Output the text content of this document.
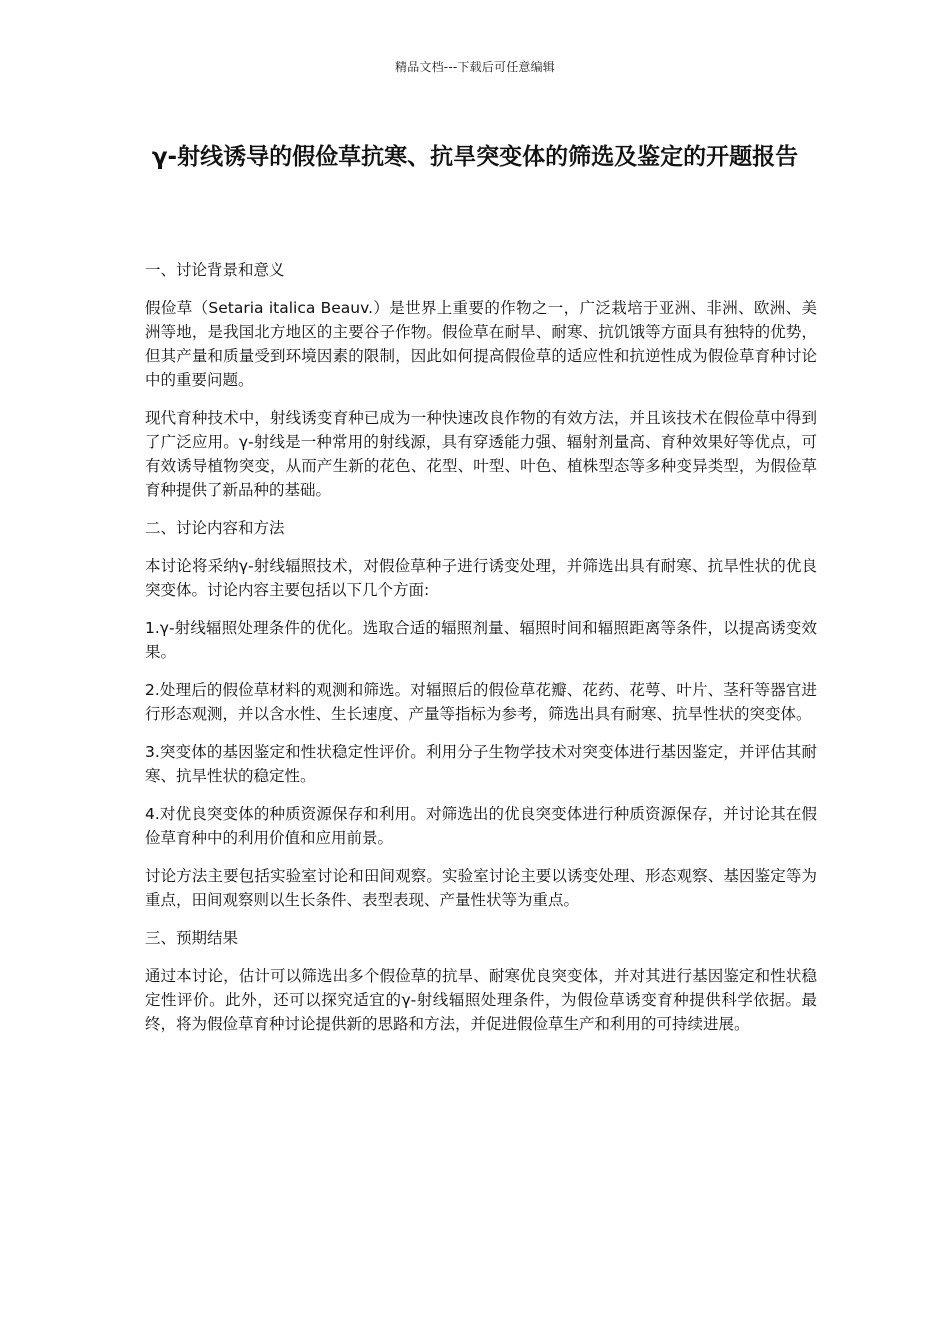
精品文档---下载后可任意编辑
γ-射线诱导的假俭草抗寒、抗旱突变体的筛选及鉴定的开题报告

一、讨论背景和意义

假俭草（Setaria italica Beauv.）是世界上重要的作物之一，广泛栽培于亚洲、非洲、欧洲、美洲等地，是我国北方地区的主要谷子作物。假俭草在耐旱、耐寒、抗饥饿等方面具有独特的优势，但其产量和质量受到环境因素的限制，因此如何提高假俭草的适应性和抗逆性成为假俭草育种讨论中的重要问题。

现代育种技术中，射线诱变育种已成为一种快速改良作物的有效方法，并且该技术在假俭草中得到了广泛应用。γ-射线是一种常用的射线源，具有穿透能力强、辐射剂量高、育种效果好等优点，可有效诱导植物突变，从而产生新的花色、花型、叶型、叶色、植株型态等多种变异类型，为假俭草育种提供了新品种的基础。

二、讨论内容和方法

本讨论将采纳γ-射线辐照技术，对假俭草种子进行诱变处理，并筛选出具有耐寒、抗旱性状的优良突变体。讨论内容主要包括以下几个方面:

1.γ-射线辐照处理条件的优化。选取合适的辐照剂量、辐照时间和辐照距离等条件，以提高诱变效果。

2.处理后的假俭草材料的观测和筛选。对辐照后的假俭草花瓣、花药、花萼、叶片、茎秆等器官进行形态观测，并以含水性、生长速度、产量等指标为参考，筛选出具有耐寒、抗旱性状的突变体。

3.突变体的基因鉴定和性状稳定性评价。利用分子生物学技术对突变体进行基因鉴定，并评估其耐寒、抗旱性状的稳定性。

4.对优良突变体的种质资源保存和利用。对筛选出的优良突变体进行种质资源保存，并讨论其在假俭草育种中的利用价值和应用前景。

讨论方法主要包括实验室讨论和田间观察。实验室讨论主要以诱变处理、形态观察、基因鉴定等为重点，田间观察则以生长条件、表型表现、产量性状等为重点。

三、预期结果

通过本讨论，估计可以筛选出多个假俭草的抗旱、耐寒优良突变体，并对其进行基因鉴定和性状稳定性评价。此外，还可以探究适宜的γ-射线辐照处理条件，为假俭草诱变育种提供科学依据。最终，将为假俭草育种讨论提供新的思路和方法，并促进假俭草生产和利用的可持续进展。
